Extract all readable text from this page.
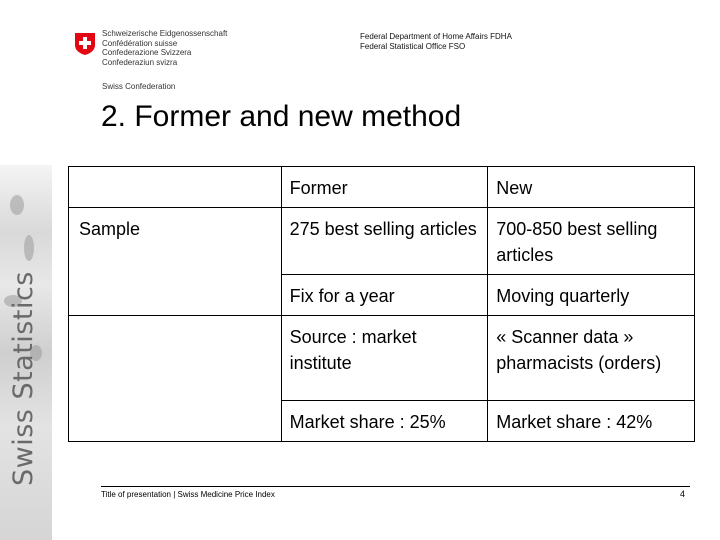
Swiss Statistics
Schweizerische Eidgenossenschaft
Confédération suisse
Confederazione Svizzera
Confederaziun svizra
Swiss Confederation
Federal Department of Home Affairs FDHA
Federal Statistical Office FSO
2. Former and new method
	Former	New
Sample	275 best selling articles	700-850 best selling articles
	Fix for a year	Moving quarterly
	Source : market institute	« Scanner data » pharmacists (orders)
	Market share : 25%	Market share : 42%
Title of presentation | Swiss Medicine Price Index	4
